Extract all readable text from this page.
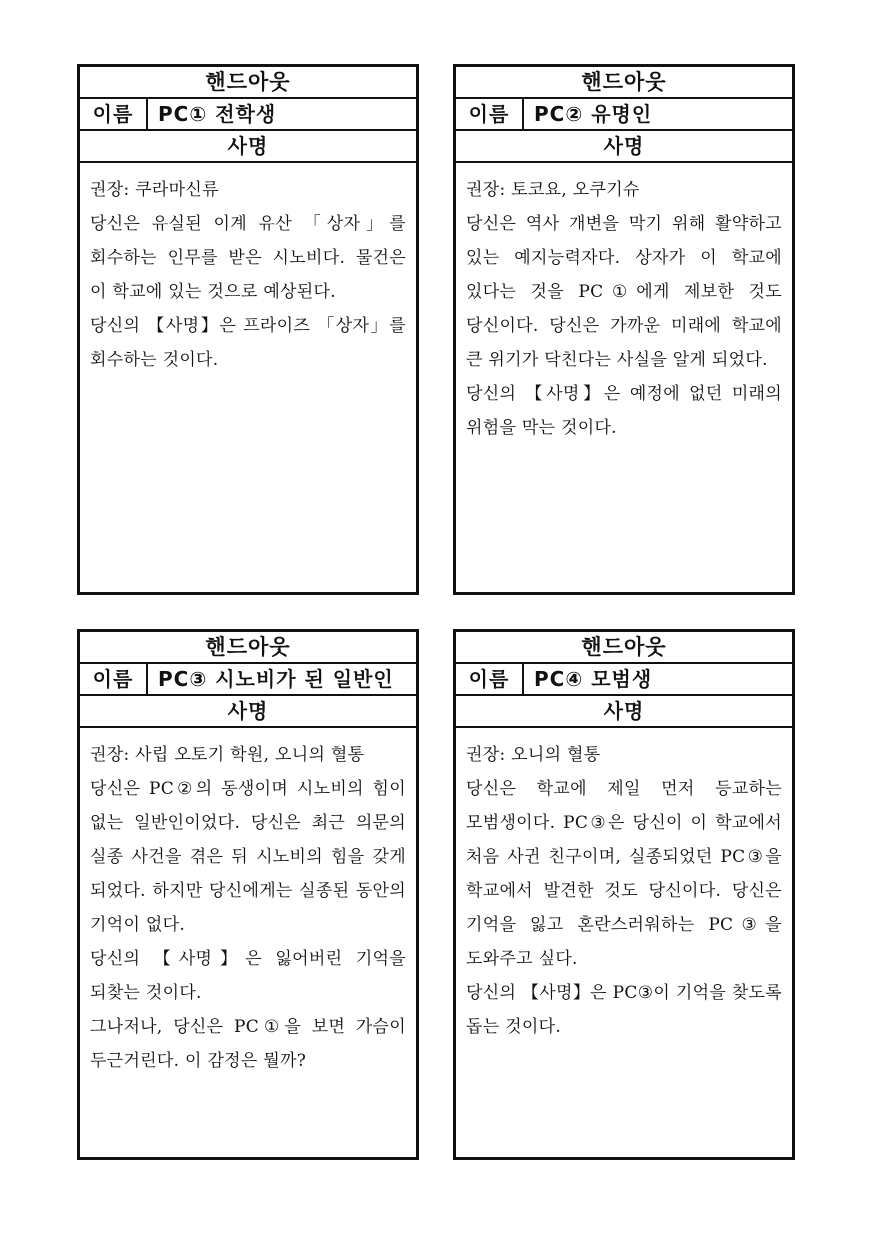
핸드아웃
이름	PC① 전학생
사명

권장: 쿠라마신류

당신은 유실된 이계 유산 「상자」를 회수하는 인무를 받은 시노비다. 물건은 이 학교에 있는 것으로 예상된다.

당신의 【사명】은 프라이즈 「상자」를 회수하는 것이다.

핸드아웃
이름	PC② 유명인
사명

권장: 토코요, 오쿠기슈

당신은 역사 개변을 막기 위해 활약하고 있는 예지능력자다. 상자가 이 학교에 있다는 것을 PC①에게 제보한 것도 당신이다. 당신은 가까운 미래에 학교에 큰 위기가 닥친다는 사실을 알게 되었다.

당신의 【사명】은 예정에 없던 미래의 위험을 막는 것이다.

핸드아웃
이름	PC③ 시노비가 된 일반인
사명

권장: 사립 오토기 학원, 오니의 혈통

당신은 PC②의 동생이며 시노비의 힘이 없는 일반인이었다. 당신은 최근 의문의 실종 사건을 겪은 뒤 시노비의 힘을 갖게 되었다. 하지만 당신에게는 실종된 동안의 기억이 없다.

당신의 【사명】은 잃어버린 기억을 되찾는 것이다.

그나저나, 당신은 PC①을 보면 가슴이 두근거린다. 이 감정은 뭘까?

핸드아웃
이름	PC④ 모범생
사명

권장: 오니의 혈통

당신은 학교에 제일 먼저 등교하는 모범생이다. PC③은 당신이 이 학교에서 처음 사귄 친구이며, 실종되었던 PC③을 학교에서 발견한 것도 당신이다. 당신은 기억을 잃고 혼란스러워하는 PC③을 도와주고 싶다.

당신의 【사명】은 PC③이 기억을 찾도록 돕는 것이다.
